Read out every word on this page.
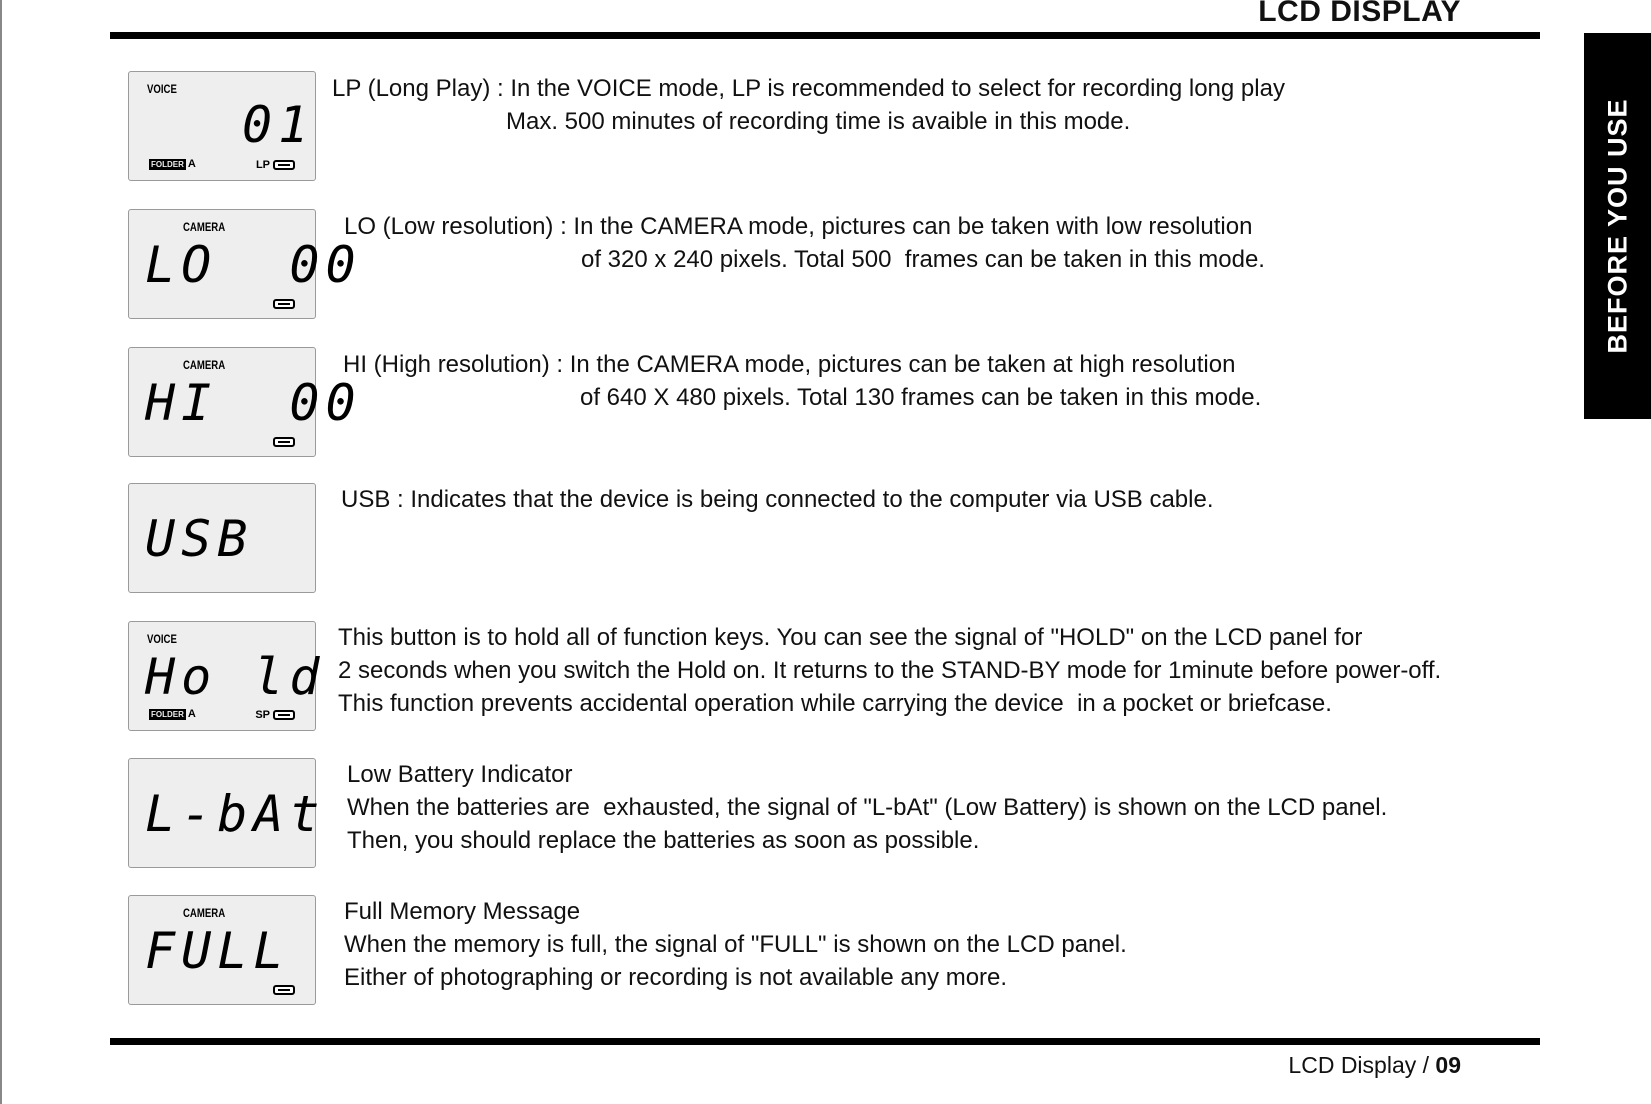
LCD DISPLAY
BEFORE YOU USE
VOICE
01
FOLDER A	LP
LP (Long Play) : In the VOICE mode, LP is recommended to select for recording long play
Max. 500 minutes of recording time is avaible in this mode.
CAMERA
LO  00
LO (Low resolution) : In the CAMERA mode, pictures can be taken with low resolution
of 320 x 240 pixels. Total 500  frames can be taken in this mode.
CAMERA
HI  00
HI (High resolution) : In the CAMERA mode, pictures can be taken at high resolution
of 640 X 480 pixels. Total 130 frames can be taken in this mode.
USB
USB : Indicates that the device is being connected to the computer via USB cable.
VOICE
Ho ld
FOLDER A	SP
This button is to hold all of function keys. You can see the signal of "HOLD" on the LCD panel for
2 seconds when you switch the Hold on. It returns to the STAND-BY mode for 1minute before power-off.
This function prevents accidental operation while carrying the device  in a pocket or briefcase.
L-bAt
Low Battery Indicator
When the batteries are  exhausted, the signal of "L-bAt" (Low Battery) is shown on the LCD panel.
Then, you should replace the batteries as soon as possible.
CAMERA
FULL
Full Memory Message
When the memory is full, the signal of "FULL" is shown on the LCD panel.
Either of photographing or recording is not available any more.
LCD Display / 09
